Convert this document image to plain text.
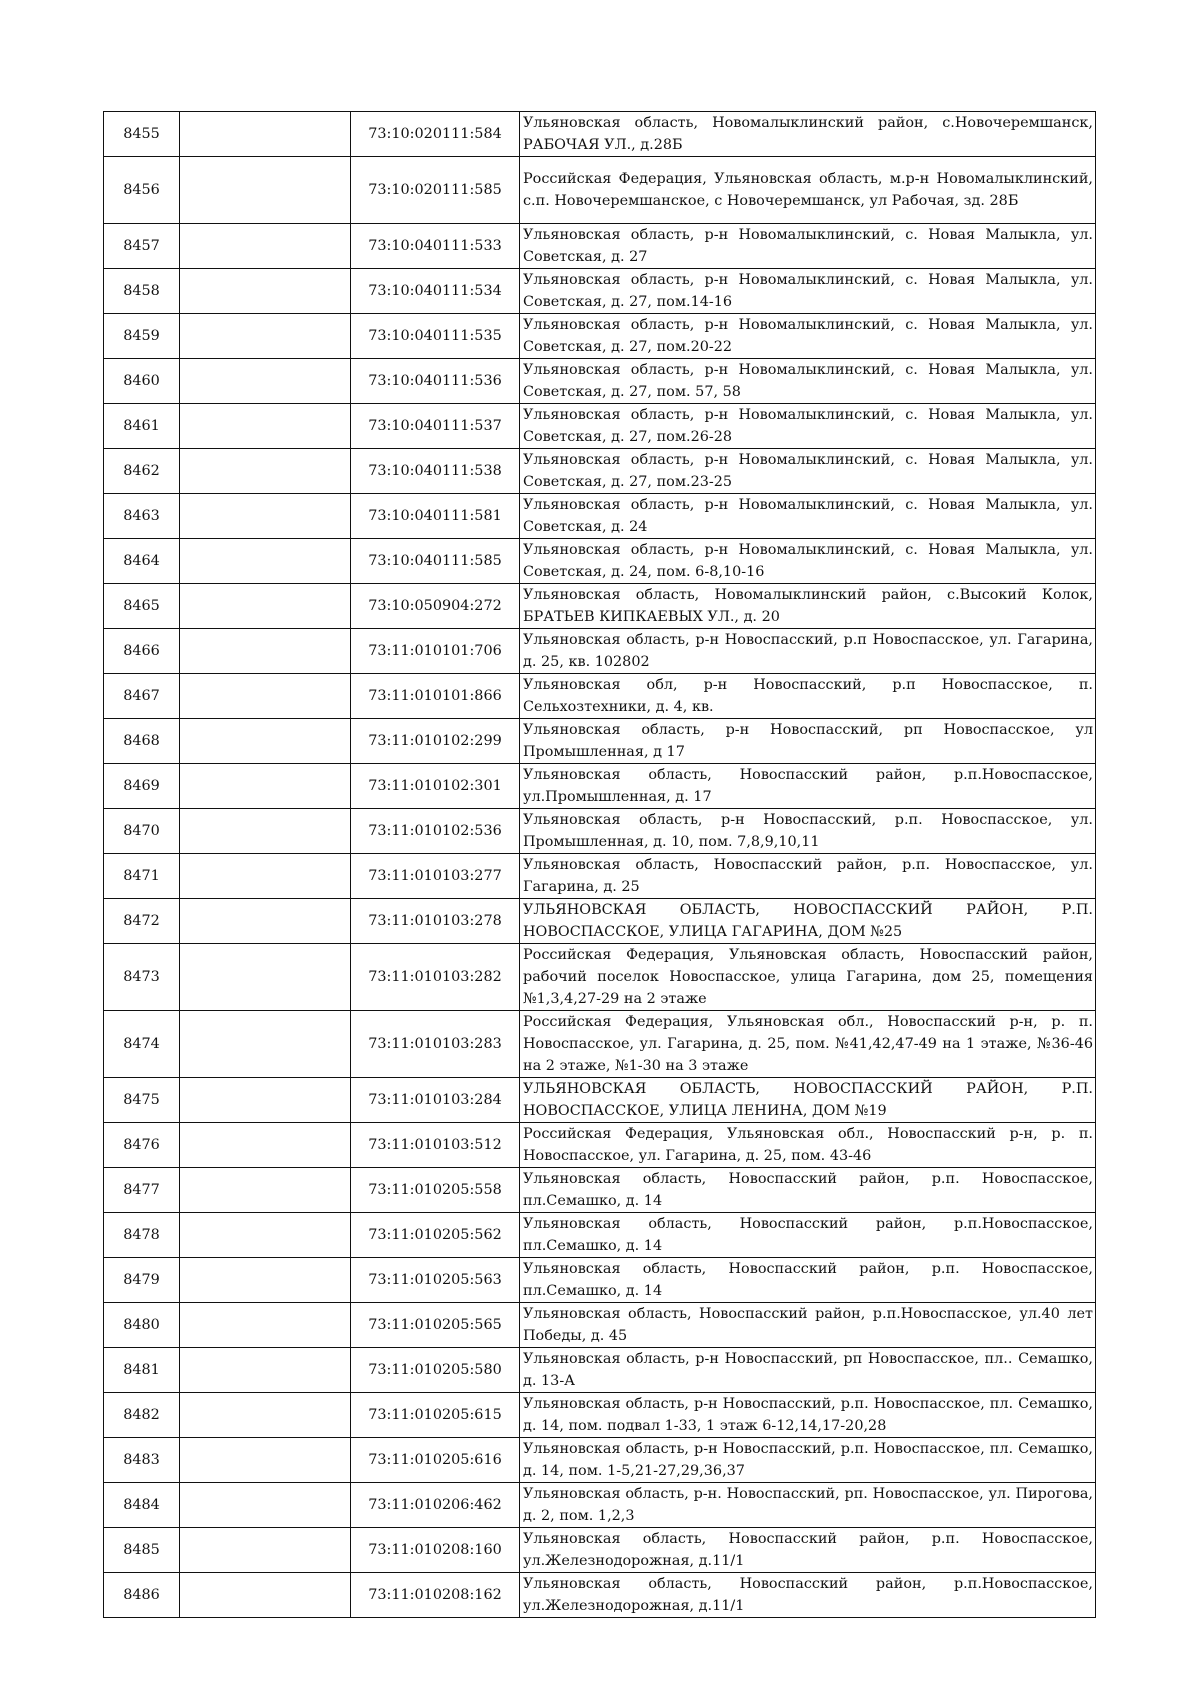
8455		73:10:020111:584	Ульяновская область, Новомалыклинский район, с.Новочеремшанск, РАБОЧАЯ УЛ., д.28Б
8456		73:10:020111:585	Российская Федерация, Ульяновская область, м.р-н Новомалыклинский, с.п. Новочеремшанское, с Новочеремшанск, ул Рабочая, зд. 28Б
8457		73:10:040111:533	Ульяновская область, р-н Новомалыклинский, с. Новая Малыкла, ул. Советская, д. 27
8458		73:10:040111:534	Ульяновская область, р-н Новомалыклинский, с. Новая Малыкла, ул. Советская, д. 27, пом.14-16
8459		73:10:040111:535	Ульяновская область, р-н Новомалыклинский, с. Новая Малыкла, ул. Советская, д. 27, пом.20-22
8460		73:10:040111:536	Ульяновская область, р-н Новомалыклинский, с. Новая Малыкла, ул. Советская, д. 27, пом. 57, 58
8461		73:10:040111:537	Ульяновская область, р-н Новомалыклинский, с. Новая Малыкла, ул. Советская, д. 27, пом.26-28
8462		73:10:040111:538	Ульяновская область, р-н Новомалыклинский, с. Новая Малыкла, ул. Советская, д. 27, пом.23-25
8463		73:10:040111:581	Ульяновская область, р-н Новомалыклинский, с. Новая Малыкла, ул. Советская, д. 24
8464		73:10:040111:585	Ульяновская область, р-н Новомалыклинский, с. Новая Малыкла, ул. Советская, д. 24, пом. 6-8,10-16
8465		73:10:050904:272	Ульяновская область, Новомалыклинский район, с.Высокий Колок, БРАТЬЕВ КИПКАЕВЫХ УЛ., д. 20
8466		73:11:010101:706	Ульяновская область, р-н Новоспасский, р.п Новоспасское, ул. Гагарина, д. 25, кв. 102802
8467		73:11:010101:866	Ульяновская обл, р-н Новоспасский, р.п Новоспасское, п. Сельхозтехники, д. 4, кв.
8468		73:11:010102:299	Ульяновская область, р-н Новоспасский, рп Новоспасское, ул Промышленная, д 17
8469		73:11:010102:301	Ульяновская область, Новоспасский район, р.п.Новоспасское, ул.Промышленная, д. 17
8470		73:11:010102:536	Ульяновская область, р-н Новоспасский, р.п. Новоспасское, ул. Промышленная, д. 10, пом. 7,8,9,10,11
8471		73:11:010103:277	Ульяновская область, Новоспасский район, р.п. Новоспасское, ул. Гагарина, д. 25
8472		73:11:010103:278	УЛЬЯНОВСКАЯ ОБЛАСТЬ, НОВОСПАССКИЙ РАЙОН, Р.П. НОВОСПАССКОЕ, УЛИЦА ГАГАРИНА, ДОМ №25
8473		73:11:010103:282	Российская Федерация, Ульяновская область, Новоспасский район, рабочий поселок Новоспасское, улица Гагарина, дом 25, помещения №1,3,4,27-29 на 2 этаже
8474		73:11:010103:283	Российская Федерация, Ульяновская обл., Новоспасский р-н, р. п. Новоспасское, ул. Гагарина, д. 25, пом. №41,42,47-49 на 1 этаже, №36-46 на 2 этаже, №1-30 на 3 этаже
8475		73:11:010103:284	УЛЬЯНОВСКАЯ ОБЛАСТЬ, НОВОСПАССКИЙ РАЙОН, Р.П. НОВОСПАССКОЕ, УЛИЦА ЛЕНИНА, ДОМ №19
8476		73:11:010103:512	Российская Федерация, Ульяновская обл., Новоспасский р-н, р. п. Новоспасское, ул. Гагарина, д. 25, пом. 43-46
8477		73:11:010205:558	Ульяновская область, Новоспасский район, р.п. Новоспасское, пл.Семашко, д. 14
8478		73:11:010205:562	Ульяновская область, Новоспасский район, р.п.Новоспасское, пл.Семашко, д. 14
8479		73:11:010205:563	Ульяновская область, Новоспасский район, р.п. Новоспасское, пл.Семашко, д. 14
8480		73:11:010205:565	Ульяновская область, Новоспасский район, р.п.Новоспасское, ул.40 лет Победы, д. 45
8481		73:11:010205:580	Ульяновская область, р-н Новоспасский, рп Новоспасское, пл.. Семашко, д. 13-А
8482		73:11:010205:615	Ульяновская область, р-н Новоспасский, р.п. Новоспасское, пл. Семашко, д. 14, пом. подвал 1-33, 1 этаж 6-12,14,17-20,28
8483		73:11:010205:616	Ульяновская область, р-н Новоспасский, р.п. Новоспасское, пл. Семашко, д. 14, пом. 1-5,21-27,29,36,37
8484		73:11:010206:462	Ульяновская область, р-н. Новоспасский, рп. Новоспасское, ул. Пирогова, д. 2, пом. 1,2,3
8485		73:11:010208:160	Ульяновская область, Новоспасский район, р.п. Новоспасское, ул.Железнодорожная, д.11/1
8486		73:11:010208:162	Ульяновская область, Новоспасский район, р.п.Новоспасское, ул.Железнодорожная, д.11/1
